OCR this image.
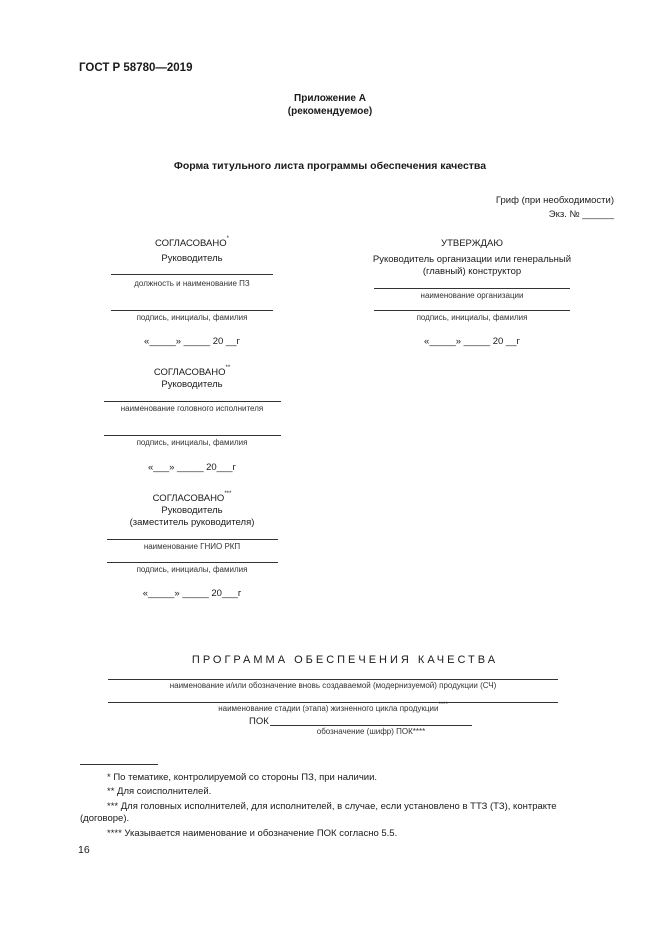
ГОСТ Р 58780—2019
Приложение А
(рекомендуемое)
Форма титульного листа программы обеспечения качества
Гриф (при необходимости)
Экз. № ______
СОГЛАСОВАНО*
Руководитель
должность и наименование ПЗ
подпись, инициалы, фамилия
«_____» _____ 20 __г
УТВЕРЖДАЮ
Руководитель организации или генеральный
(главный) конструктор
наименование организации
подпись, инициалы, фамилия
«_____» _____ 20 __г
СОГЛАСОВАНО**
Руководитель
наименование головного исполнителя
подпись, инициалы, фамилия
«___» _____ 20___г
СОГЛАСОВАНО***
Руководитель
(заместитель руководителя)
наименование ГНИО РКП
подпись, инициалы, фамилия
«_____» _____ 20___г
ПРОГРАММА ОБЕСПЕЧЕНИЯ КАЧЕСТВА
наименование и/или обозначение вновь создаваемой (модернизуемой) продукции (СЧ)
наименование стадии (этапа) жизненного цикла продукции****
ПОК
обозначение (шифр) ПОК****
* По тематике, контролируемой со стороны ПЗ, при наличии.
** Для соисполнителей.
*** Для головных исполнителей, для исполнителей, в случае, если установлено в ТТЗ (ТЗ), контракте
(договоре).
**** Указывается наименование и обозначение ПОК согласно 5.5.
16
